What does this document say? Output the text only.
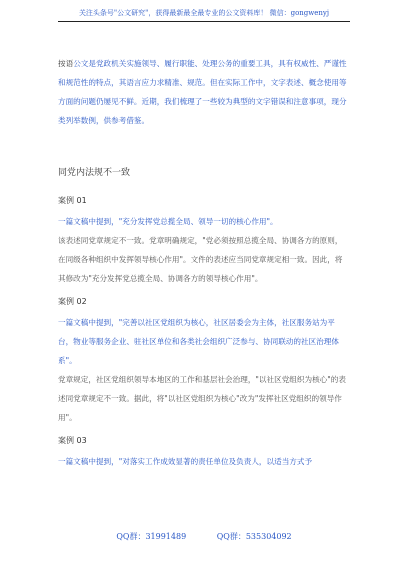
关注头条号"公文研究"，获得最新最全最专业的公文资料库！ 微信：gongwenyj

按语公文是党政机关实施领导、履行职能、处理公务的重要工具，具有权威性、严谨性和规范性的特点，其语言应力求精准、规范。但在实际工作中，文字表述、概念使用等方面的问题仍屡见不鲜。近期，我们梳理了一些较为典型的文字错误和注意事项，现分类列举数例，供参考借鉴。

同党内法规不一致
案例 01

一篇文稿中提到，"充分发挥党总揽全局、领导一切的核心作用"。

该表述同党章规定不一致。党章明确规定，"党必须按照总揽全局、协调各方的原则，在同级各种组织中发挥领导核心作用"。文件的表述应当同党章规定相一致。因此，将其修改为"充分发挥党总揽全局、协调各方的领导核心作用"。

案例 02

一篇文稿中提到，"完善以社区党组织为核心，社区居委会为主体，社区服务站为平台，物业等服务企业、驻社区单位和各类社会组织广泛参与、协同联动的社区治理体系"。

党章规定，社区党组织领导本地区的工作和基层社会治理，"以社区党组织为核心"的表述同党章规定不一致。据此，将"以社区党组织为核心"改为"发挥社区党组织的领导作用"。

案例 03

一篇文稿中提到，"对落实工作成效显著的责任单位及负责人，以适当方式予

QQ群：31991489	QQ群：535304092
